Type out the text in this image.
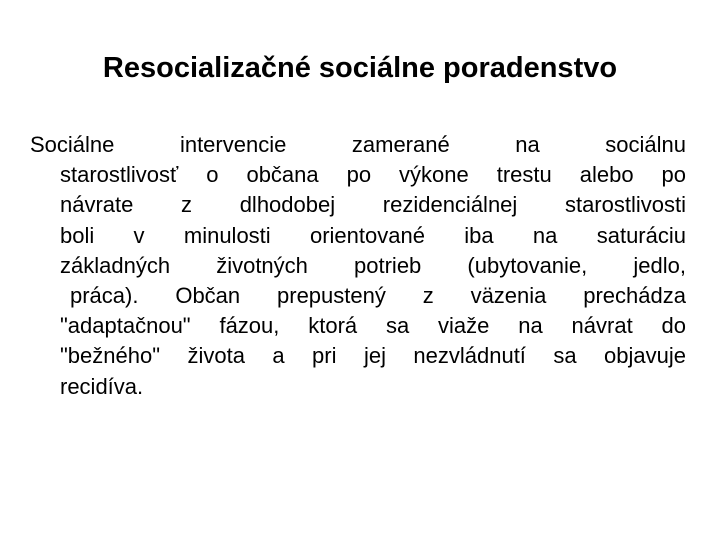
Resocializačné sociálne poradenstvo
Sociálne intervencie zamerané na sociálnu
starostlivosť o občana po výkone trestu alebo po
návrate z dlhodobej rezidenciálnej starostlivosti
boli v minulosti orientované iba na saturáciu
základných životných potrieb (ubytovanie, jedlo,
práca). Občan prepustený z väzenia prechádza
"adaptačnou" fázou, ktorá sa viaže na návrat do
"bežného" života a pri jej nezvládnutí sa objavuje
recidíva.
